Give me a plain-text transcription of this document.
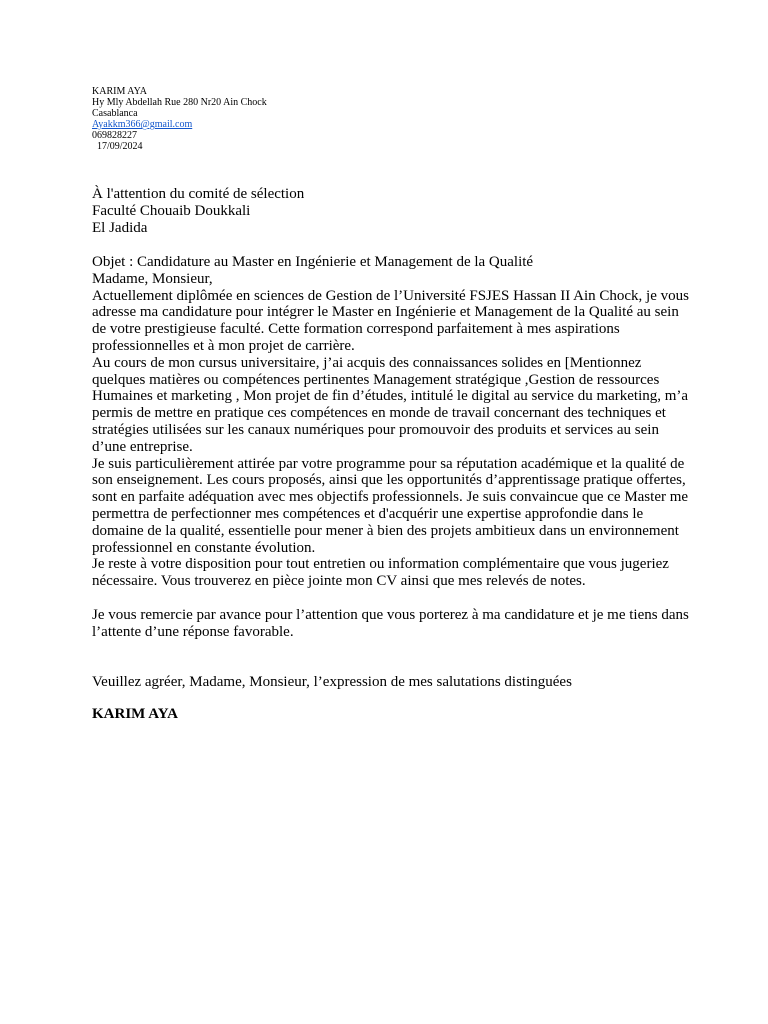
KARIM AYA
Hy Mly Abdellah Rue 280 Nr20 Ain Chock
Casablanca
Ayakkm366@gmail.com
069828227
17/09/2024
À l'attention du comité de sélection
Faculté Chouaib Doukkali
El Jadida
Objet : Candidature au Master en Ingénierie et Management de la Qualité
Madame, Monsieur,
Actuellement diplômée en sciences de Gestion de l’Université FSJES Hassan II Ain Chock, je vous adresse ma candidature pour intégrer le Master en Ingénierie et Management de la Qualité au sein de votre prestigieuse faculté. Cette formation correspond parfaitement à mes aspirations professionnelles et à mon projet de carrière.
Au cours de mon cursus universitaire, j’ai acquis des connaissances solides en [Mentionnez quelques matières ou compétences pertinentes Management stratégique ,Gestion de ressources Humaines et marketing , Mon projet de fin d’études, intitulé le digital au service du marketing, m’a permis de mettre en pratique ces compétences en monde de travail concernant des techniques et stratégies utilisées sur les canaux numériques pour promouvoir des produits et services au sein d’une entreprise.
Je suis particulièrement attirée par votre programme pour sa réputation académique et la qualité de son enseignement. Les cours proposés, ainsi que les opportunités d’apprentissage pratique offertes, sont en parfaite adéquation avec mes objectifs professionnels. Je suis convaincue que ce Master me permettra de perfectionner mes compétences et d'acquérir une expertise approfondie dans le domaine de la qualité, essentielle pour mener à bien des projets ambitieux dans un environnement professionnel en constante évolution.
Je reste à votre disposition pour tout entretien ou information complémentaire que vous jugeriez nécessaire. Vous trouverez en pièce jointe mon CV ainsi que mes relevés de notes.
Je vous remercie par avance pour l’attention que vous porterez à ma candidature et je me tiens dans l’attente d’une réponse favorable.
Veuillez agréer, Madame, Monsieur, l’expression de mes salutations distinguées
KARIM AYA
